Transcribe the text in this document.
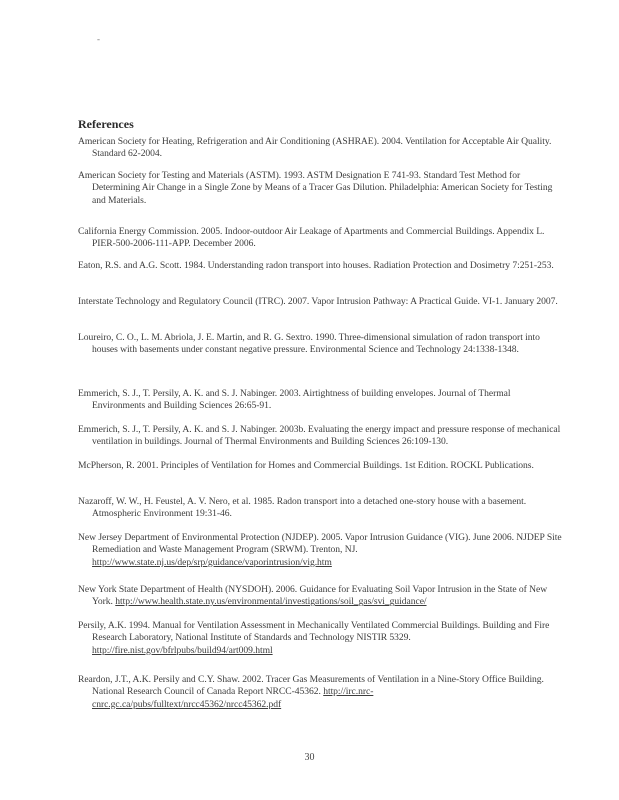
-
References
American Society for Heating, Refrigeration and Air Conditioning (ASHRAE). 2004. Ventilation for Acceptable Air Quality. Standard 62-2004.
American Society for Testing and Materials (ASTM). 1993. ASTM Designation E 741-93. Standard Test Method for Determining Air Change in a Single Zone by Means of a Tracer Gas Dilution. Philadelphia: American Society for Testing and Materials.
California Energy Commission. 2005. Indoor-outdoor Air Leakage of Apartments and Commercial Buildings. Appendix L. PIER-500-2006-111-APP. December 2006.
Eaton, R.S. and A.G. Scott. 1984. Understanding radon transport into houses. Radiation Protection and Dosimetry 7:251-253.
Interstate Technology and Regulatory Council (ITRC). 2007. Vapor Intrusion Pathway: A Practical Guide. VI-1. January 2007.
Loureiro, C. O., L. M. Abriola, J. E. Martin, and R. G. Sextro. 1990. Three-dimensional simulation of radon transport into houses with basements under constant negative pressure. Environmental Science and Technology 24:1338-1348.
Emmerich, S. J., T. Persily, A. K. and S. J. Nabinger. 2003. Airtightness of building envelopes. Journal of Thermal Environments and Building Sciences 26:65-91.
Emmerich, S. J., T. Persily, A. K. and S. J. Nabinger. 2003b. Evaluating the energy impact and pressure response of mechanical ventilation in buildings. Journal of Thermal Environments and Building Sciences 26:109-130.
McPherson, R. 2001. Principles of Ventilation for Homes and Commercial Buildings. 1st Edition. ROCKL Publications.
Nazaroff, W. W., H. Feustel, A. V. Nero, et al. 1985. Radon transport into a detached one-story house with a basement. Atmospheric Environment 19:31-46.
New Jersey Department of Environmental Protection (NJDEP). 2005. Vapor Intrusion Guidance (VIG). June 2006. NJDEP Site Remediation and Waste Management Program (SRWM). Trenton, NJ. http://www.state.nj.us/dep/srp/guidance/vaporintrusion/vig.htm
New York State Department of Health (NYSDOH). 2006. Guidance for Evaluating Soil Vapor Intrusion in the State of New York. http://www.health.state.ny.us/environmental/investigations/soil_gas/svi_guidance/
Persily, A.K. 1994. Manual for Ventilation Assessment in Mechanically Ventilated Commercial Buildings. Building and Fire Research Laboratory, National Institute of Standards and Technology NISTIR 5329. http://fire.nist.gov/bfrlpubs/build94/art009.html
Reardon, J.T., A.K. Persily and C.Y. Shaw. 2002. Tracer Gas Measurements of Ventilation in a Nine-Story Office Building. National Research Council of Canada Report NRCC-45362. http://irc.nrc-cnrc.gc.ca/pubs/fulltext/nrcc45362/nrcc45362.pdf
30
